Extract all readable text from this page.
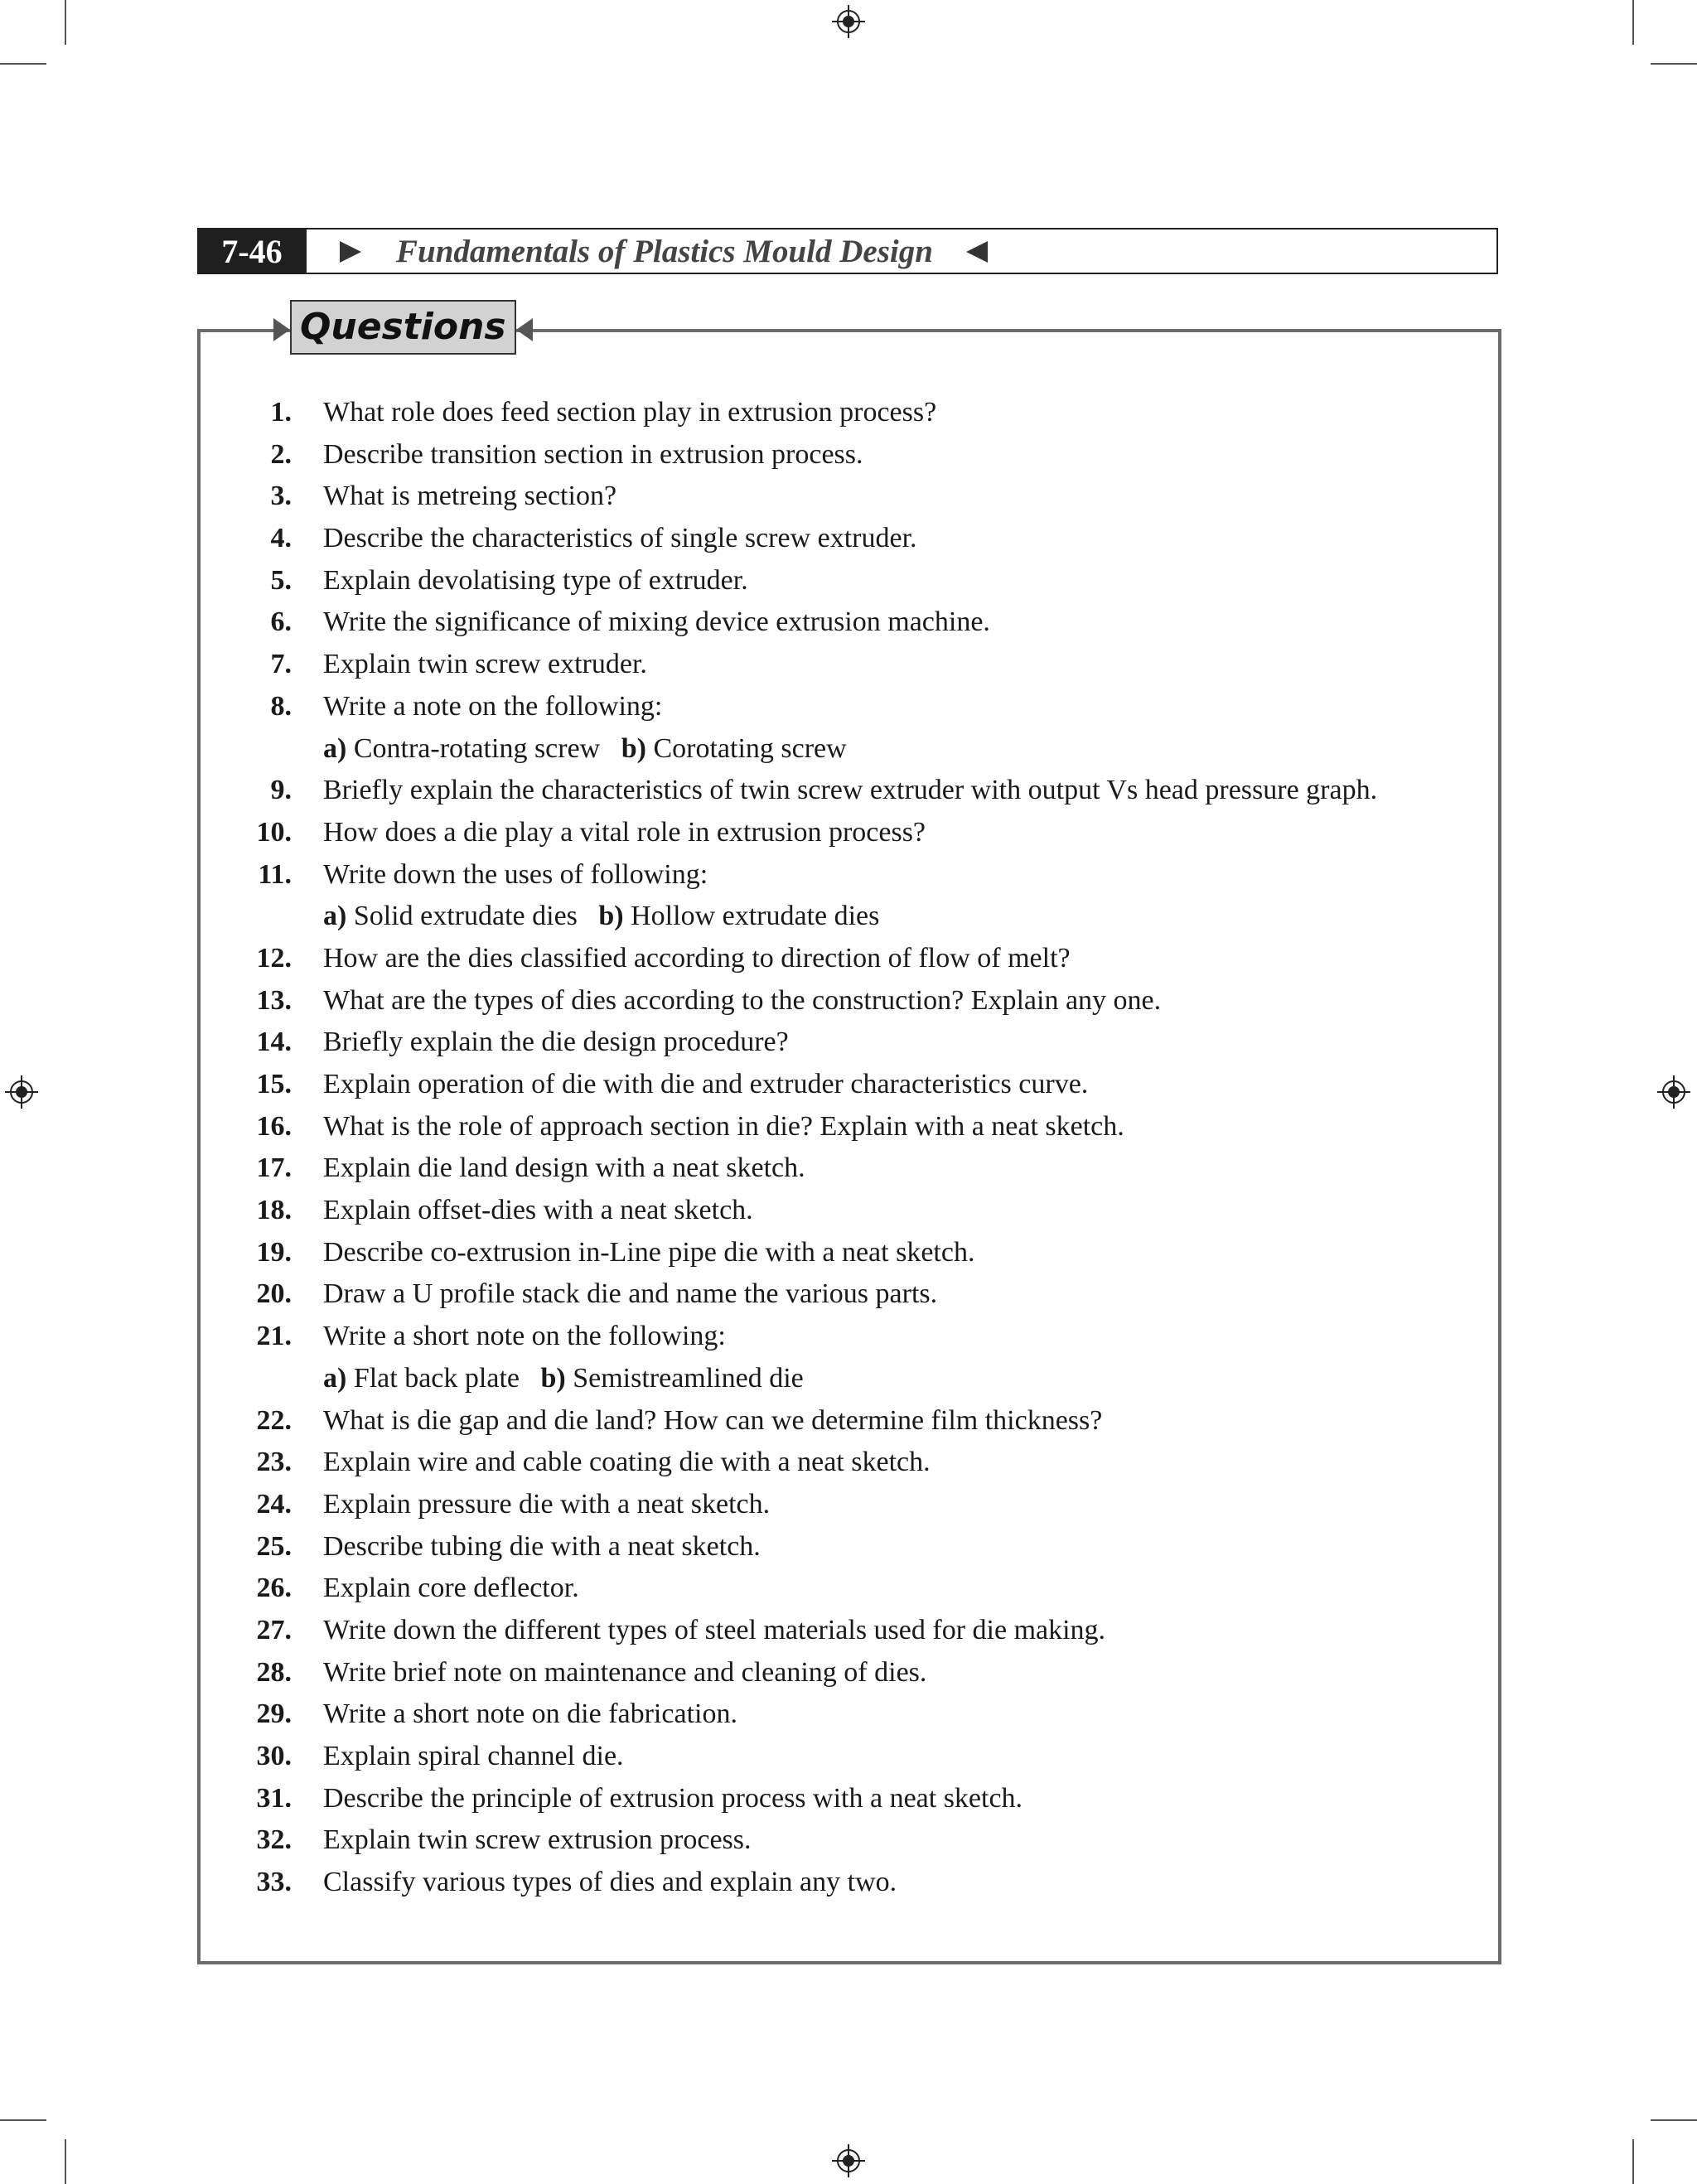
7-46	Fundamentals of Plastics Mould Design
Questions
1. What role does feed section play in extrusion process?
2. Describe transition section in extrusion process.
3. What is metreing section?
4. Describe the characteristics of single screw extruder.
5. Explain devolatising type of extruder.
6. Write the significance of mixing device extrusion machine.
7. Explain twin screw extruder.
8. Write a note on the following:
a) Contra-rotating screw  b) Corotating screw
9. Briefly explain the characteristics of twin screw extruder with output Vs head pressure graph.
10. How does a die play a vital role in extrusion process?
11. Write down the uses of following:
a) Solid extrudate dies  b) Hollow extrudate dies
12. How are the dies classified according to direction of flow of melt?
13. What are the types of dies according to the construction? Explain any one.
14. Briefly explain the die design procedure?
15. Explain operation of die with die and extruder characteristics curve.
16. What is the role of approach section in die? Explain with a neat sketch.
17. Explain die land design with a neat sketch.
18. Explain offset-dies with a neat sketch.
19. Describe co-extrusion in-Line pipe die with a neat sketch.
20. Draw a U profile stack die and name the various parts.
21. Write a short note on the following:
a) Flat back plate  b) Semistreamlined die
22. What is die gap and die land? How can we determine film thickness?
23. Explain wire and cable coating die with a neat sketch.
24. Explain pressure die with a neat sketch.
25. Describe tubing die with a neat sketch.
26. Explain core deflector.
27. Write down the different types of steel materials used for die making.
28. Write brief note on maintenance and cleaning of dies.
29. Write a short note on die fabrication.
30. Explain spiral channel die.
31. Describe the principle of extrusion process with a neat sketch.
32. Explain twin screw extrusion process.
33. Classify various types of dies and explain any two.
